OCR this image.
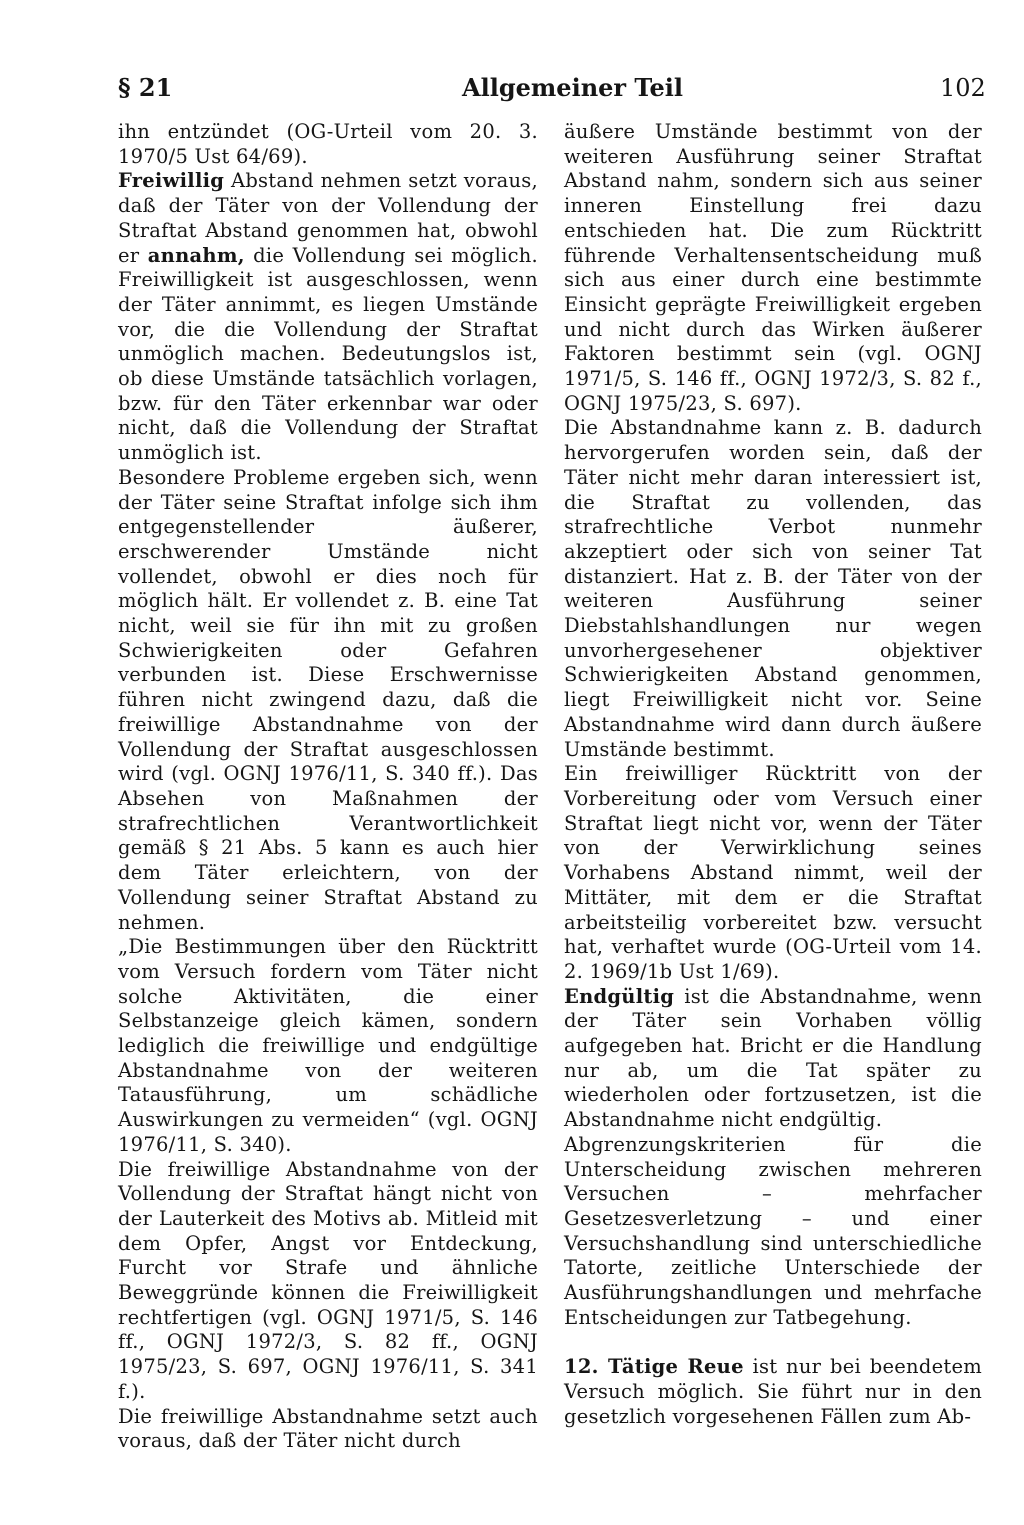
§ 21	Allgemeiner Teil	102

ihn entzündet (OG-Urteil vom 20. 3. 1970/5 Ust 64/69).

Freiwillig Abstand nehmen setzt voraus, daß der Täter von der Vollendung der Straftat Abstand genommen hat, obwohl er annahm, die Vollendung sei möglich. Freiwilligkeit ist ausgeschlossen, wenn der Täter annimmt, es liegen Umstände vor, die die Vollendung der Straftat unmöglich machen. Bedeutungslos ist, ob diese Umstände tatsächlich vorlagen, bzw. für den Täter erkennbar war oder nicht, daß die Vollendung der Straftat unmöglich ist.

Besondere Probleme ergeben sich, wenn der Täter seine Straftat infolge sich ihm entgegenstellender äußerer, erschwerender Umstände nicht vollendet, obwohl er dies noch für möglich hält. Er vollendet z. B. eine Tat nicht, weil sie für ihn mit zu großen Schwierigkeiten oder Gefahren verbunden ist. Diese Erschwernisse führen nicht zwingend dazu, daß die freiwillige Abstandnahme von der Vollendung der Straftat ausgeschlossen wird (vgl. OGNJ 1976/11, S. 340 ff.). Das Absehen von Maßnahmen der strafrechtlichen Verantwortlichkeit gemäß § 21 Abs. 5 kann es auch hier dem Täter erleichtern, von der Vollendung seiner Straftat Abstand zu nehmen.

„Die Bestimmungen über den Rücktritt vom Versuch fordern vom Täter nicht solche Aktivitäten, die einer Selbstanzeige gleich kämen, sondern lediglich die freiwillige und endgültige Abstandnahme von der weiteren Tatausführung, um schädliche Auswirkungen zu vermeiden“ (vgl. OGNJ 1976/11, S. 340).

Die freiwillige Abstandnahme von der Vollendung der Straftat hängt nicht von der Lauterkeit des Motivs ab. Mitleid mit dem Opfer, Angst vor Entdeckung, Furcht vor Strafe und ähnliche Beweggründe können die Freiwilligkeit rechtfertigen (vgl. OGNJ 1971/5, S. 146 ff., OGNJ 1972/3, S. 82 ff., OGNJ 1975/23, S. 697, OGNJ 1976/11, S. 341 f.).

Die freiwillige Abstandnahme setzt auch voraus, daß der Täter nicht durch

äußere Umstände bestimmt von der weiteren Ausführung seiner Straftat Abstand nahm, sondern sich aus seiner inneren Einstellung frei dazu entschieden hat. Die zum Rücktritt führende Verhaltensentscheidung muß sich aus einer durch eine bestimmte Einsicht geprägte Freiwilligkeit ergeben und nicht durch das Wirken äußerer Faktoren bestimmt sein (vgl. OGNJ 1971/5, S. 146 ff., OGNJ 1972/3, S. 82 f., OGNJ 1975/23, S. 697).

Die Abstandnahme kann z. B. dadurch hervorgerufen worden sein, daß der Täter nicht mehr daran interessiert ist, die Straftat zu vollenden, das strafrechtliche Verbot nunmehr akzeptiert oder sich von seiner Tat distanziert. Hat z. B. der Täter von der weiteren Ausführung seiner Diebstahlshandlungen nur wegen unvorhergesehener objektiver Schwierigkeiten Abstand genommen, liegt Freiwilligkeit nicht vor. Seine Abstandnahme wird dann durch äußere Umstände bestimmt.

Ein freiwilliger Rücktritt von der Vorbereitung oder vom Versuch einer Straftat liegt nicht vor, wenn der Täter von der Verwirklichung seines Vorhabens Abstand nimmt, weil der Mittäter, mit dem er die Straftat arbeitsteilig vorbereitet bzw. versucht hat, verhaftet wurde (OG-Urteil vom 14. 2. 1969/1b Ust 1/69).

Endgültig ist die Abstandnahme, wenn der Täter sein Vorhaben völlig aufgegeben hat. Bricht er die Handlung nur ab, um die Tat später zu wiederholen oder fortzusetzen, ist die Abstandnahme nicht endgültig.

Abgrenzungskriterien für die Unterscheidung zwischen mehreren Versuchen – mehrfacher Gesetzesverletzung – und einer Versuchshandlung sind unterschiedliche Tatorte, zeitliche Unterschiede der Ausführungshandlungen und mehrfache Entscheidungen zur Tatbegehung.

12. Tätige Reue ist nur bei beendetem Versuch möglich. Sie führt nur in den gesetzlich vorgesehenen Fällen zum Ab-
